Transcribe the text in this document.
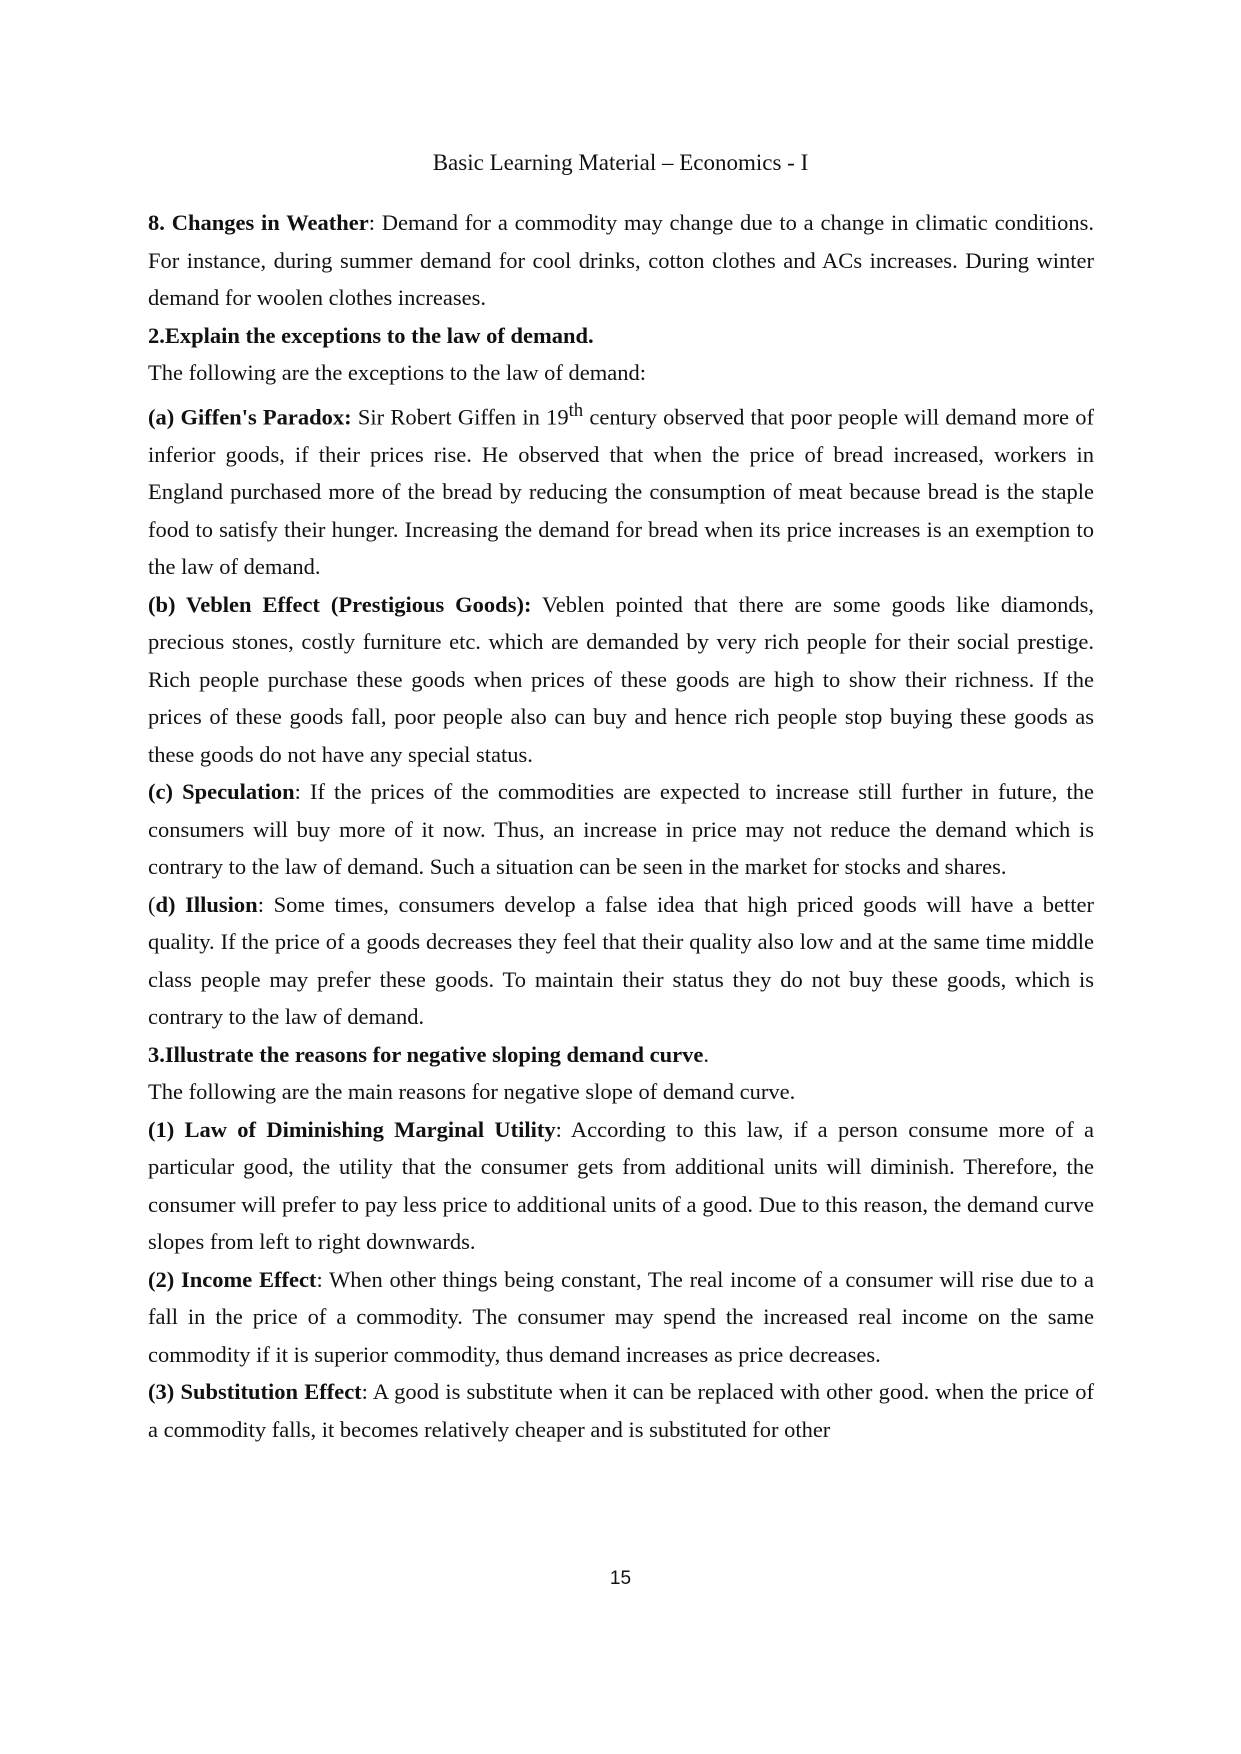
Basic Learning Material – Economics - I

8. Changes in Weather: Demand for a commodity may change due to a change in climatic conditions. For instance, during summer demand for cool drinks, cotton clothes and ACs increases. During winter demand for woolen clothes increases.

2.Explain the exceptions to the law of demand.

The following are the exceptions to the law of demand:

(a) Giffen's Paradox: Sir Robert Giffen in 19th century observed that poor people will demand more of inferior goods, if their prices rise. He observed that when the price of bread increased, workers in England purchased more of the bread by reducing the consumption of meat because bread is the staple food to satisfy their hunger. Increasing the demand for bread when its price increases is an exemption to the law of demand.

(b) Veblen Effect (Prestigious Goods): Veblen pointed that there are some goods like diamonds, precious stones, costly furniture etc. which are demanded by very rich people for their social prestige. Rich people purchase these goods when prices of these goods are high to show their richness. If the prices of these goods fall, poor people also can buy and hence rich people stop buying these goods as these goods do not have any special status.

(c) Speculation: If the prices of the commodities are expected to increase still further in future, the consumers will buy more of it now. Thus, an increase in price may not reduce the demand which is contrary to the law of demand. Such a situation can be seen in the market for stocks and shares.

(d) Illusion: Some times, consumers develop a false idea that high priced goods will have a better quality. If the price of a goods decreases they feel that their quality also low and at the same time middle class people may prefer these goods. To maintain their status they do not buy these goods, which is contrary to the law of demand.

3.Illustrate the reasons for negative sloping demand curve.

The following are the main reasons for negative slope of demand curve.

(1) Law of Diminishing Marginal Utility: According to this law, if a person consume more of a particular good, the utility that the consumer gets from additional units will diminish. Therefore, the consumer will prefer to pay less price to additional units of a good. Due to this reason, the demand curve slopes from left to right downwards.

(2) Income Effect: When other things being constant, The real income of a consumer will rise due to a fall in the price of a commodity. The consumer may spend the increased real income on the same commodity if it is superior commodity, thus demand increases as price decreases.

(3) Substitution Effect: A good is substitute when it can be replaced with other good. when the price of a commodity falls, it becomes relatively cheaper and is substituted for other

15
